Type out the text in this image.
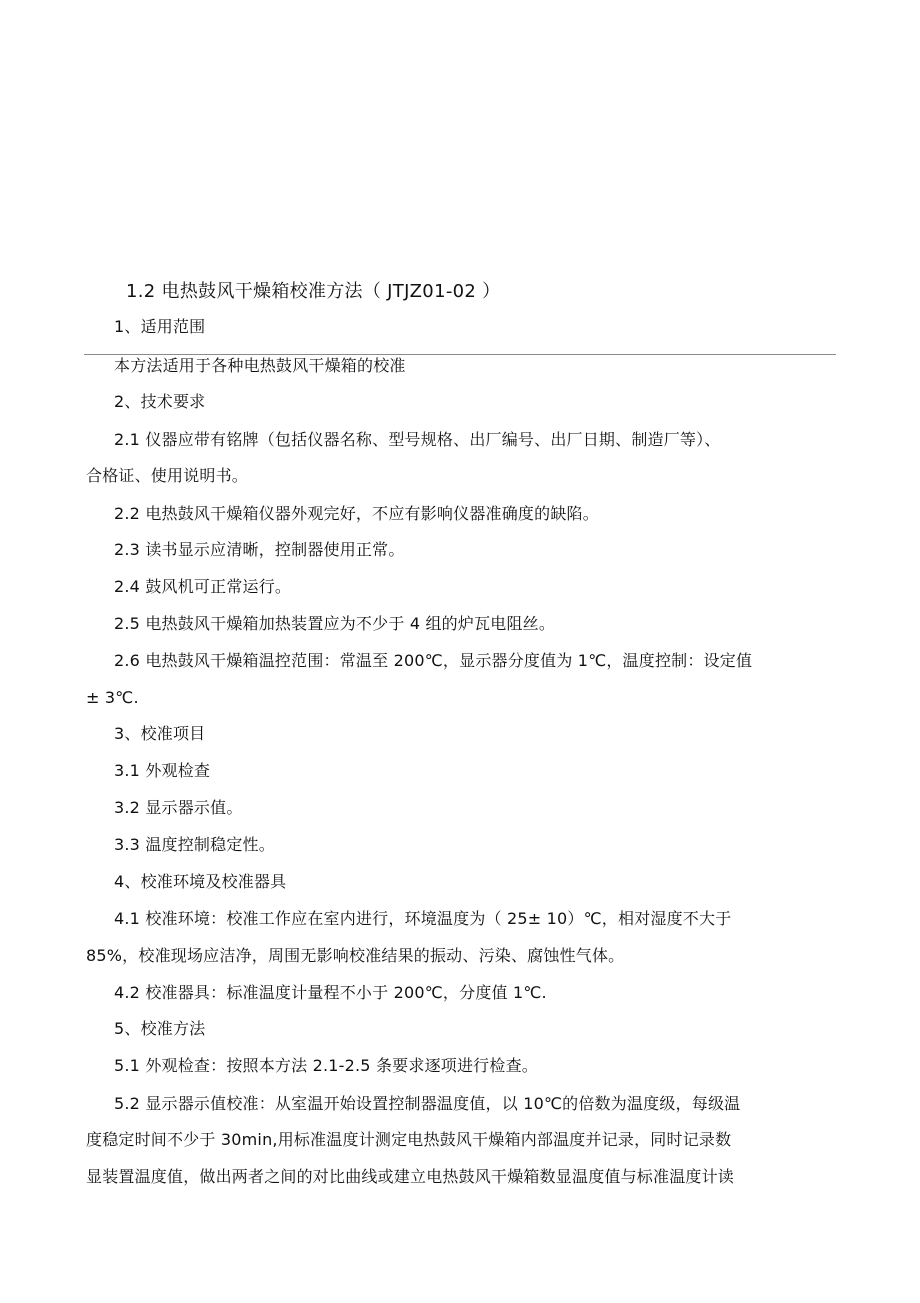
1.2 电热鼓风干燥箱校准方法（ JTJZ01-02 ）
1、适用范围
本方法适用于各种电热鼓风干燥箱的校准
2、技术要求
2.1 仪器应带有铭牌（包括仪器名称、型号规格、出厂编号、出厂日期、制造厂等）、
合格证、使用说明书。
2.2 电热鼓风干燥箱仪器外观完好，不应有影响仪器准确度的缺陷。
2.3 读书显示应清晰，控制器使用正常。
2.4 鼓风机可正常运行。
2.5 电热鼓风干燥箱加热装置应为不少于 4 组的炉瓦电阻丝。
2.6 电热鼓风干燥箱温控范围：常温至 200℃，显示器分度值为 1℃，温度控制：设定值
± 3℃.
3、校准项目
3.1 外观检查
3.2 显示器示值。
3.3 温度控制稳定性。
4、校准环境及校准器具
4.1 校准环境：校准工作应在室内进行，环境温度为（ 25± 10）℃，相对湿度不大于
85%，校准现场应洁净，周围无影响校准结果的振动、污染、腐蚀性气体。
4.2 校准器具：标准温度计量程不小于 200℃，分度值 1℃.
5、校准方法
5.1 外观检查：按照本方法 2.1-2.5 条要求逐项进行检查。
5.2 显示器示值校准：从室温开始设置控制器温度值，以 10℃的倍数为温度级，每级温
度稳定时间不少于 30min,用标准温度计测定电热鼓风干燥箱内部温度并记录，同时记录数
显装置温度值，做出两者之间的对比曲线或建立电热鼓风干燥箱数显温度值与标准温度计读
